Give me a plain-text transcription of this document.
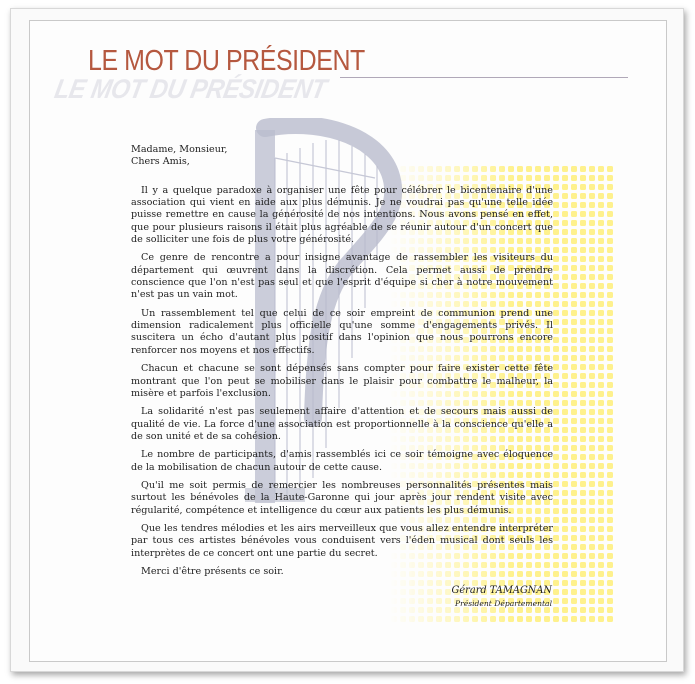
LE MOT DU PRÉSIDENT
LE MOT DU PRÉSIDENT

Madame, Monsieur,

Chers Amis,

Il y a quelque paradoxe à organiser une fête pour célébrer le bicentenaire d'une association qui vient en aide aux plus démunis. Je ne voudrai pas qu'une telle idée puisse remettre en cause la générosité de nos intentions. Nous avons pensé en effet, que pour plusieurs raisons il était plus agréable de se réunir autour d'un concert que de solliciter une fois de plus votre générosité.

Ce genre de rencontre a pour insigne avantage de rassembler les visiteurs du département qui œuvrent dans la discrétion. Cela permet aussi de prendre conscience que l'on n'est pas seul et que l'esprit d'équipe si cher à notre mouvement n'est pas un vain mot.

Un rassemblement tel que celui de ce soir empreint de communion prend une dimension radicalement plus officielle qu'une somme d'engagements privés. Il suscitera un écho d'autant plus positif dans l'opinion que nous pourrons encore renforcer nos moyens et nos effectifs.

Chacun et chacune se sont dépensés sans compter pour faire exister cette fête montrant que l'on peut se mobiliser dans le plaisir pour combattre le malheur, la misère et parfois l'exclusion.

La solidarité n'est pas seulement affaire d'attention et de secours mais aussi de qualité de vie. La force d'une association est proportionnelle à la conscience qu'elle a de son unité et de sa cohésion.

Le nombre de participants, d'amis rassemblés ici ce soir témoigne avec éloquence de la mobilisation de chacun autour de cette cause.

Qu'il me soit permis de remercier les nombreuses personnalités présentes mais surtout les bénévoles de la Haute-Garonne qui jour après jour rendent visite avec régularité, compétence et intelligence du cœur aux patients les plus démunis.

Que les tendres mélodies et les airs merveilleux que vous allez entendre interpréter par tous ces artistes bénévoles vous conduisent vers l'éden musical dont seuls les interprètes de ce concert ont une partie du secret.

Merci d'être présents ce soir.

Gérard TAMAGNAN
Président Départemental
